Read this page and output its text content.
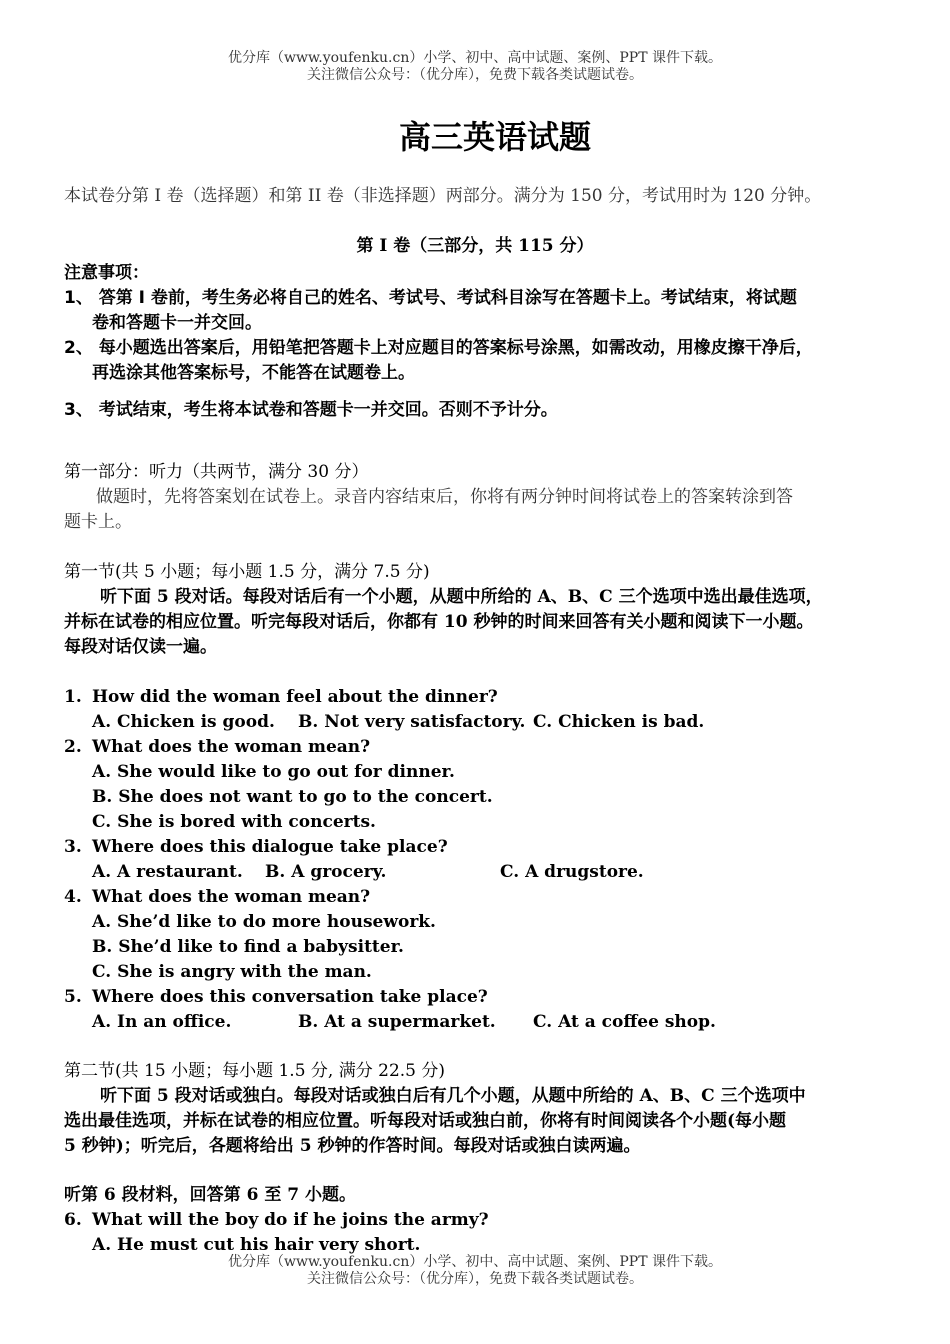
优分库（www.youfenku.cn）小学、初中、高中试题、案例、PPT 课件下载。
关注微信公众号：（优分库），免费下载各类试题试卷。
高三英语试题
本试卷分第 I 卷（选择题）和第 II 卷（非选择题）两部分。满分为 150 分，考试用时为 120 分钟。
第 I 卷（三部分，共 115 分）
注意事项：
1、 答第 I 卷前，考生务必将自己的姓名、考试号、考试科目涂写在答题卡上。考试结束，将试题
卷和答题卡一并交回。
2、 每小题选出答案后，用铅笔把答题卡上对应题目的答案标号涂黑，如需改动，用橡皮擦干净后，
再选涂其他答案标号，不能答在试题卷上。
3、 考试结束，考生将本试卷和答题卡一并交回。否则不予计分。
第一部分：听力（共两节，满分 30 分）
做题时，先将答案划在试卷上。录音内容结束后，你将有两分钟时间将试卷上的答案转涂到答
题卡上。
第一节(共 5 小题；每小题 1.5 分，满分 7.5 分)
听下面 5 段对话。每段对话后有一个小题，从题中所给的 A、B、C 三个选项中选出最佳选项，
并标在试卷的相应位置。听完每段对话后，你都有 10 秒钟的时间来回答有关小题和阅读下一小题。
每段对话仅读一遍。
1. How did the woman feel about the dinner?
A. Chicken is good. B. Not very satisfactory. C. Chicken is bad.
2. What does the woman mean?
A. She would like to go out for dinner.
B. She does not want to go to the concert.
C. She is bored with concerts.
3. Where does this dialogue take place?
A. A restaurant. B. A grocery.	C. A drugstore.
4. What does the woman mean?
A. She’d like to do more housework.
B. She’d like to find a babysitter.
C. She is angry with the man.
5. Where does this conversation take place?
A. In an office.	B. At a supermarket. C. At a coffee shop.
第二节(共 15 小题；每小题 1.5 分, 满分 22.5 分)
听下面 5 段对话或独白。每段对话或独白后有几个小题，从题中所给的 A、B、C 三个选项中
选出最佳选项，并标在试卷的相应位置。听每段对话或独白前，你将有时间阅读各个小题(每小题
5 秒钟)；听完后，各题将给出 5 秒钟的作答时间。每段对话或独白读两遍。
听第 6 段材料，回答第 6 至 7 小题。
6. What will the boy do if he joins the army?
A. He must cut his hair very short.
优分库（www.youfenku.cn）小学、初中、高中试题、案例、PPT 课件下载。
关注微信公众号：（优分库），免费下载各类试题试卷。
